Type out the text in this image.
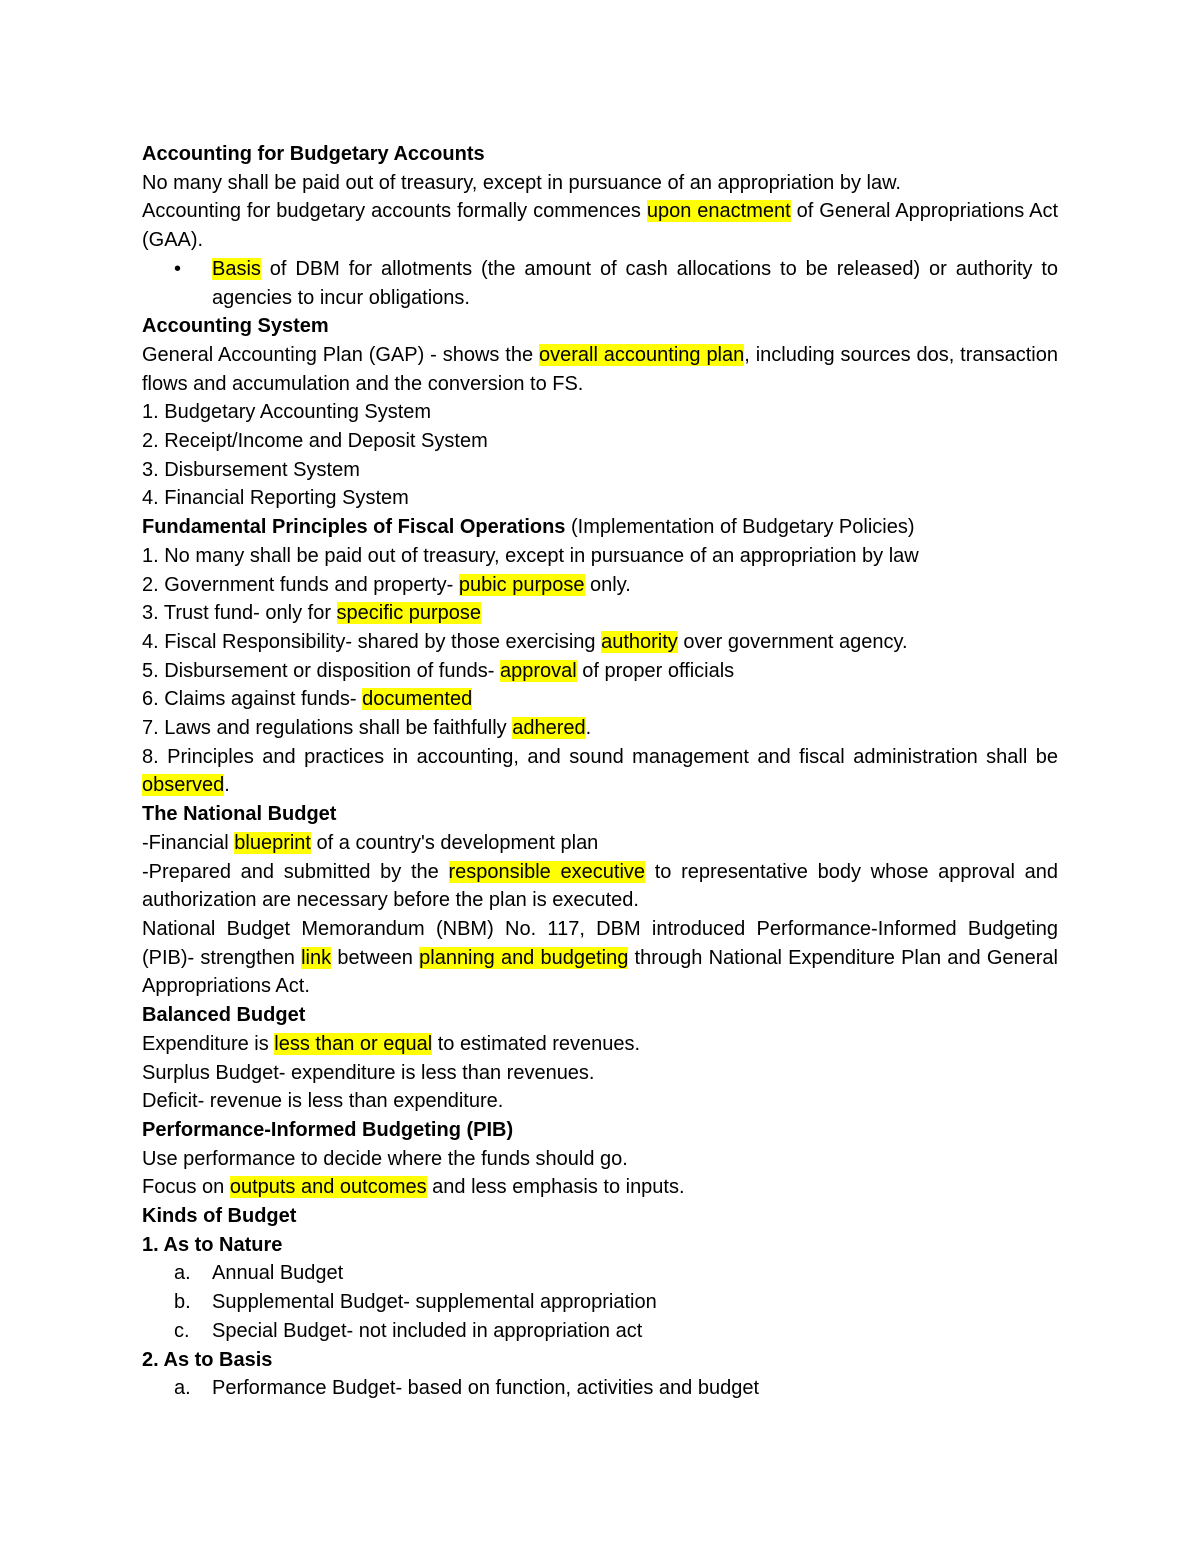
Accounting for Budgetary Accounts

No many shall be paid out of treasury, except in pursuance of an appropriation by law.

Accounting for budgetary accounts formally commences upon enactment of General Appropriations Act (GAA).

• Basis of DBM for allotments (the amount of cash allocations to be released) or authority to agencies to incur obligations.

Accounting System

General Accounting Plan (GAP) - shows the overall accounting plan, including sources dos, transaction flows and accumulation and the conversion to FS.

1. Budgetary Accounting System

2. Receipt/Income and Deposit System

3. Disbursement System

4. Financial Reporting System

Fundamental Principles of Fiscal Operations (Implementation of Budgetary Policies)

1. No many shall be paid out of treasury, except in pursuance of an appropriation by law

2. Government funds and property- pubic purpose only.

3. Trust fund- only for specific purpose

4. Fiscal Responsibility- shared by those exercising authority over government agency.

5. Disbursement or disposition of funds- approval of proper officials

6. Claims against funds- documented

7. Laws and regulations shall be faithfully adhered.

8. Principles and practices in accounting, and sound management and fiscal administration shall be observed.

The National Budget

-Financial blueprint of a country's development plan

-Prepared and submitted by the responsible executive to representative body whose approval and authorization are necessary before the plan is executed.

National Budget Memorandum (NBM) No. 117, DBM introduced Performance-Informed Budgeting (PIB)- strengthen link between planning and budgeting through National Expenditure Plan and General Appropriations Act.

Balanced Budget

Expenditure is less than or equal to estimated revenues.

Surplus Budget- expenditure is less than revenues.

Deficit- revenue is less than expenditure.

Performance-Informed Budgeting (PIB)

Use performance to decide where the funds should go.

Focus on outputs and outcomes and less emphasis to inputs.

Kinds of Budget

1. As to Nature

a. Annual Budget
b. Supplemental Budget- supplemental appropriation
c. Special Budget- not included in appropriation act

2. As to Basis

a. Performance Budget- based on function, activities and budget
